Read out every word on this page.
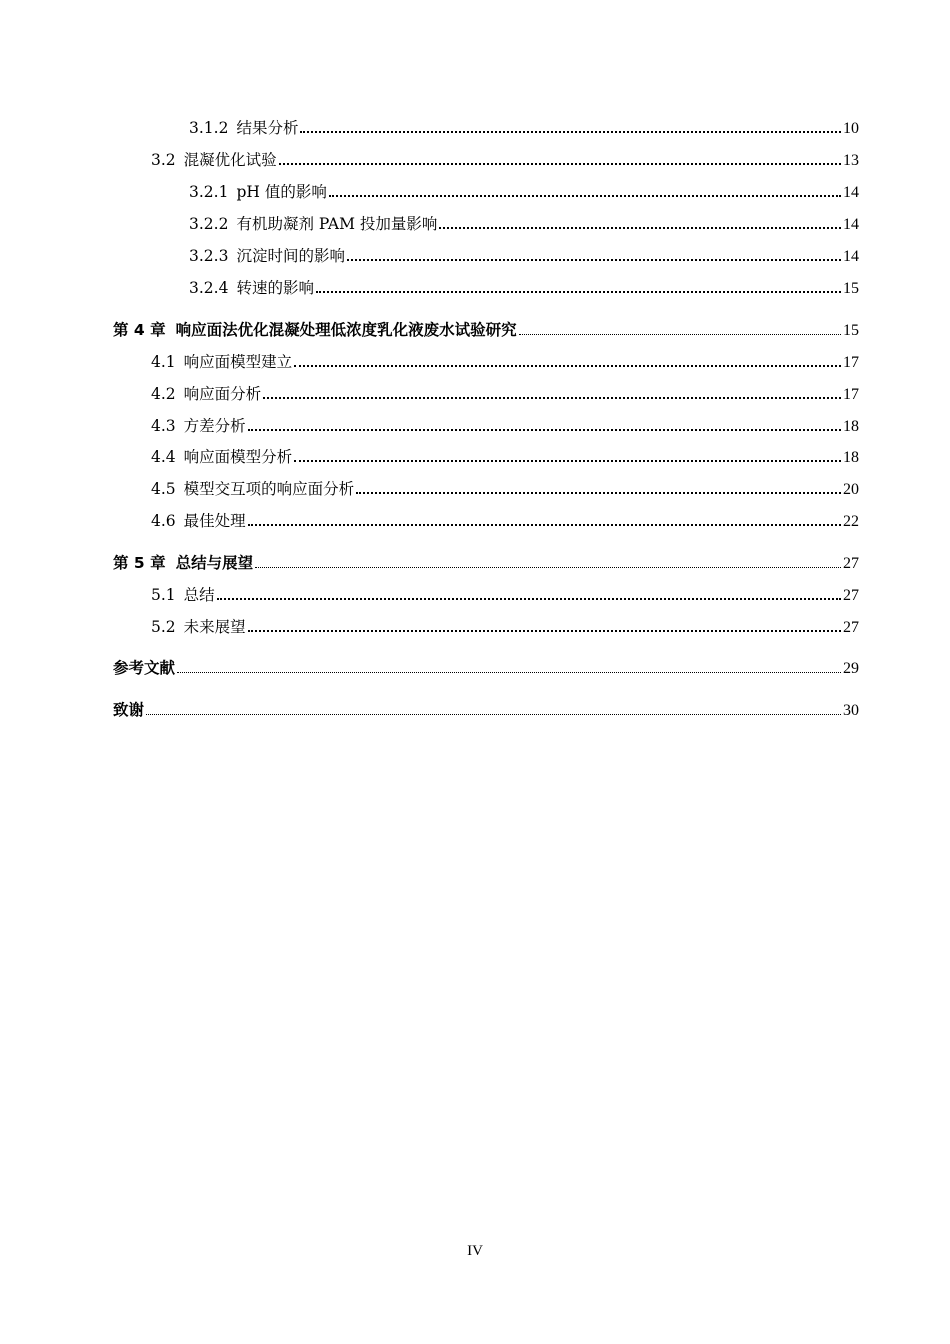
3.1.2 结果分析	10
3.2 混凝优化试验	13
3.2.1 pH 值的影响	14
3.2.2 有机助凝剂 PAM 投加量影响	14
3.2.3 沉淀时间的影响	14
3.2.4 转速的影响	15
第 4 章 响应面法优化混凝处理低浓度乳化液废水试验研究	15
4.1 响应面模型建立	17
4.2 响应面分析	17
4.3 方差分析	18
4.4 响应面模型分析	18
4.5 模型交互项的响应面分析	20
4.6 最佳处理	22
第 5 章 总结与展望	27
5.1 总结	27
5.2 未来展望	27
参考文献	29
致谢	30
IV
